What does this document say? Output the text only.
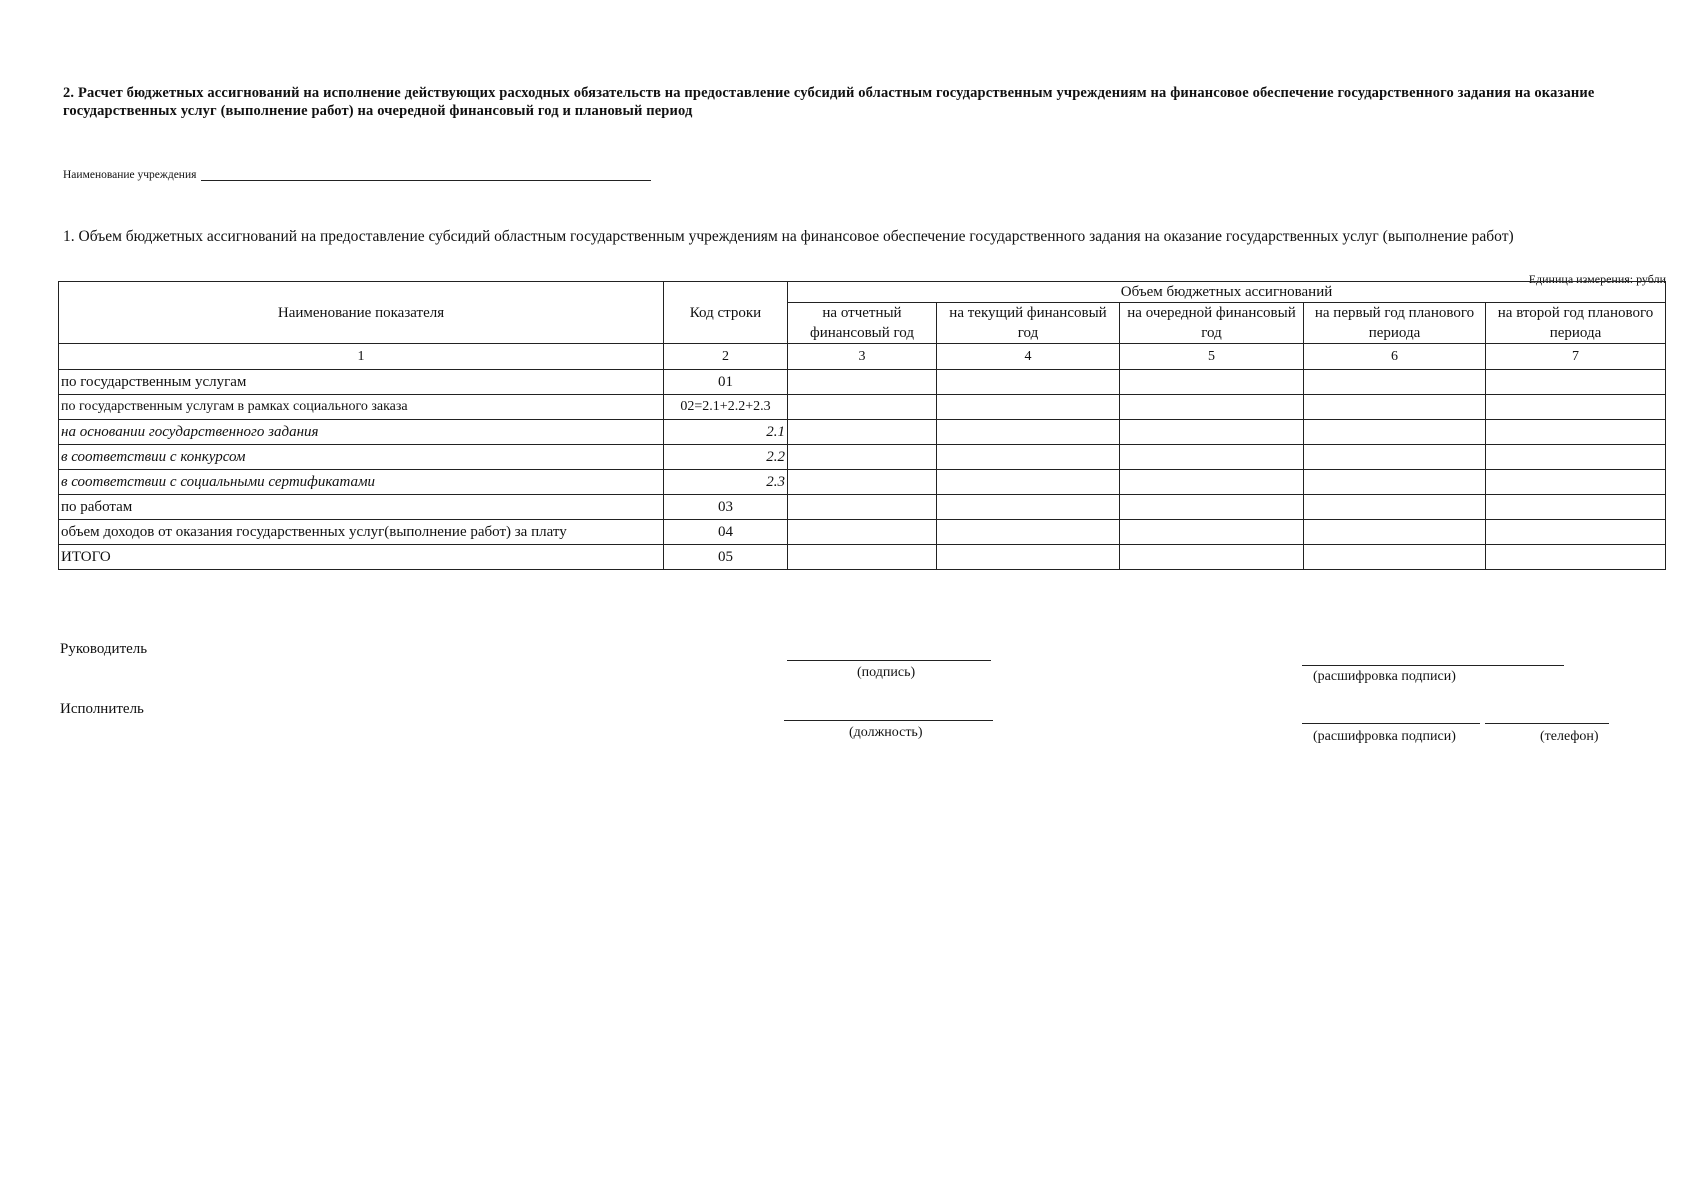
2. Расчет бюджетных ассигнований на исполнение действующих расходных обязательств на предоставление субсидий областным государственным учреждениям на финансовое обеспечение государственного задания на оказание государственных услуг (выполнение работ) на очередной финансовый год и плановый период
Наименование учреждения
1. Объем бюджетных ассигнований на предоставление субсидий областным государственным учреждениям на финансовое обеспечение государственного задания на оказание государственных услуг (выполнение работ)
Единица измерения: рубли
Наименование показателя	Код строки	Объем бюджетных ассигнований				
		на отчетный финансовый год	на текущий финансовый год	на очередной финансовый год	на первый год планового периода	на второй год планового периода
1	2	3	4	5	6	7
по государственным услугам	01					
по государственным услугам в рамках социального заказа	02=2.1+2.2+2.3					
на основании государственного задания	2.1					
в соответствии с конкурсом	2.2					
в соответствии с социальными сертификатами	2.3					
по работам	03					
объем доходов от оказания государственных услуг(выполнение работ) за плату	04					
ИТОГО	05					
Руководитель
(подпись)	(расшифровка подписи)
Исполнитель
(должность)	(расшифровка подписи)	(телефон)
